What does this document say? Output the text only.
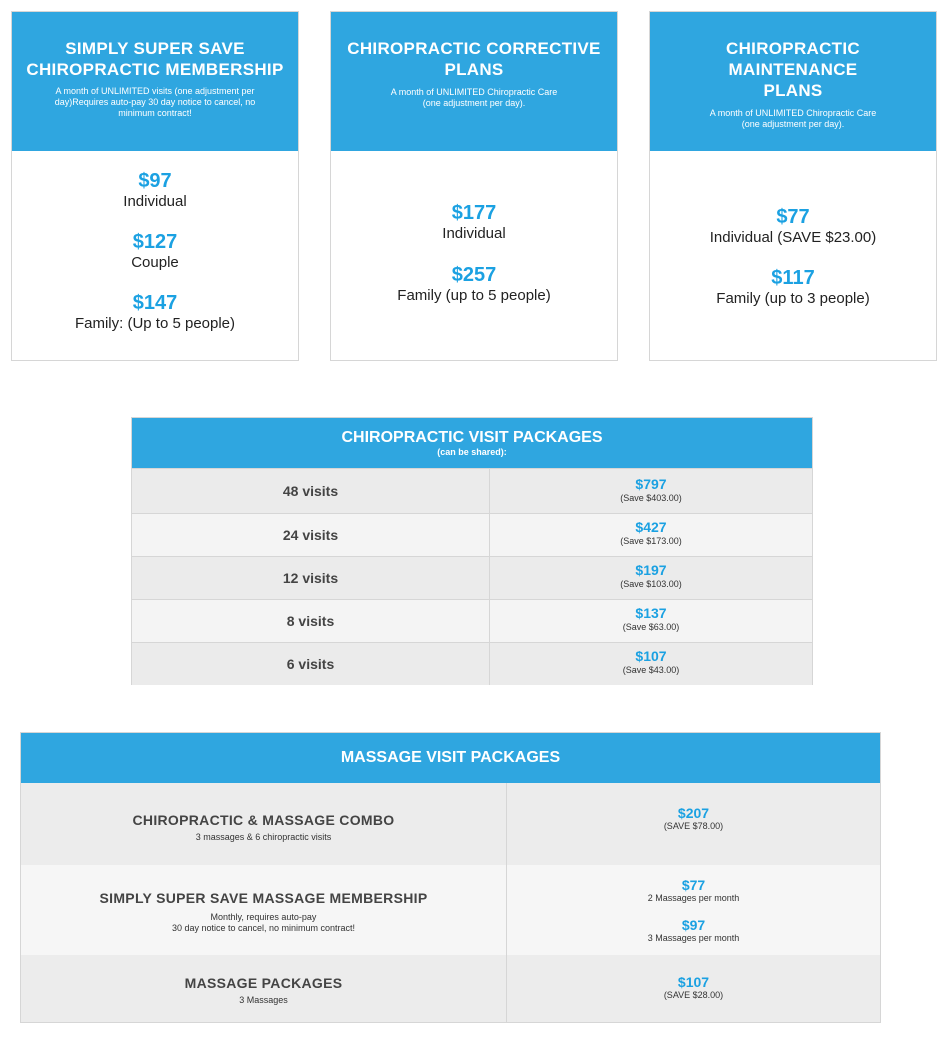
SIMPLY SUPER SAVE
CHIROPRACTIC MEMBERSHIP
A month of UNLIMITED visits (one adjustment per
day)Requires auto-pay 30 day notice to cancel, no
minimum contract!
$97
Individual
$127
Couple
$147
Family: (Up to 5 people)
CHIROPRACTIC CORRECTIVE
PLANS
A month of UNLIMITED Chiropractic Care
(one adjustment per day).
$177
Individual
$257
Family (up to 5 people)
CHIROPRACTIC MAINTENANCE
PLANS
A month of UNLIMITED Chiropractic Care
(one adjustment per day).
$77
Individual (SAVE $23.00)
$117
Family (up to 3 people)
CHIROPRACTIC VISIT PACKAGES
(can be shared):
48 visits	$797
(Save $403.00)
24 visits	$427
(Save $173.00)
12 visits	$197
(Save $103.00)
8 visits	$137
(Save $63.00)
6 visits	$107
(Save $43.00)
MASSAGE VISIT PACKAGES
CHIROPRACTIC & MASSAGE COMBO
3 massages & 6 chiropractic visits
$207
(SAVE $78.00)
SIMPLY SUPER SAVE MASSAGE MEMBERSHIP
Monthly, requires auto-pay
30 day notice to cancel, no minimum contract!
$77
2 Massages per month
$97
3 Massages per month
MASSAGE PACKAGES
3 Massages
$107
(SAVE $28.00)
